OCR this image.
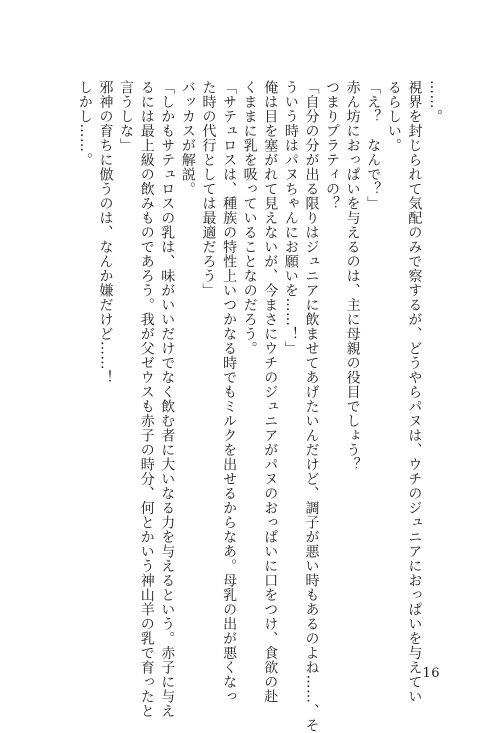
……。
視界を封じられて気配のみで察するが、どうやらパヌは、ウチのジュニアにおっぱいを与えてい
るらしい。
「え？　なんで？」
赤ん坊におっぱいを与えるのは、主に母親の役目でしょう？
つまりプラティの？
「自分の分が出る限りはジュニアに飲ませてあげたいんだけど、調子が悪い時もあるのよね……、そ
ういう時はパヌちゃんにお願いを……！」
俺は目を塞がれて見えないが、今まさにウチのジュニアがパヌのおっぱいに口をつけ、食欲の赴
くままに乳を吸っていることなのだろう。
「サテュロスは、種族の特性上いつかなる時でもミルクを出せるからなあ。母乳の出が悪くなっ
た時の代行としては最適だろう」
バッカスが解説。
「しかもサテュロスの乳は、味がいいだけでなく飲む者に大いなる力を与えるという。赤子に与え
るには最上級の飲みものであろう。我が父ゼウスも赤子の時分、何とかいう神山羊の乳で育ったと
言うしな」
邪神の育ちに倣うのは、なんか嫌だけど……！
しかし……。
16
